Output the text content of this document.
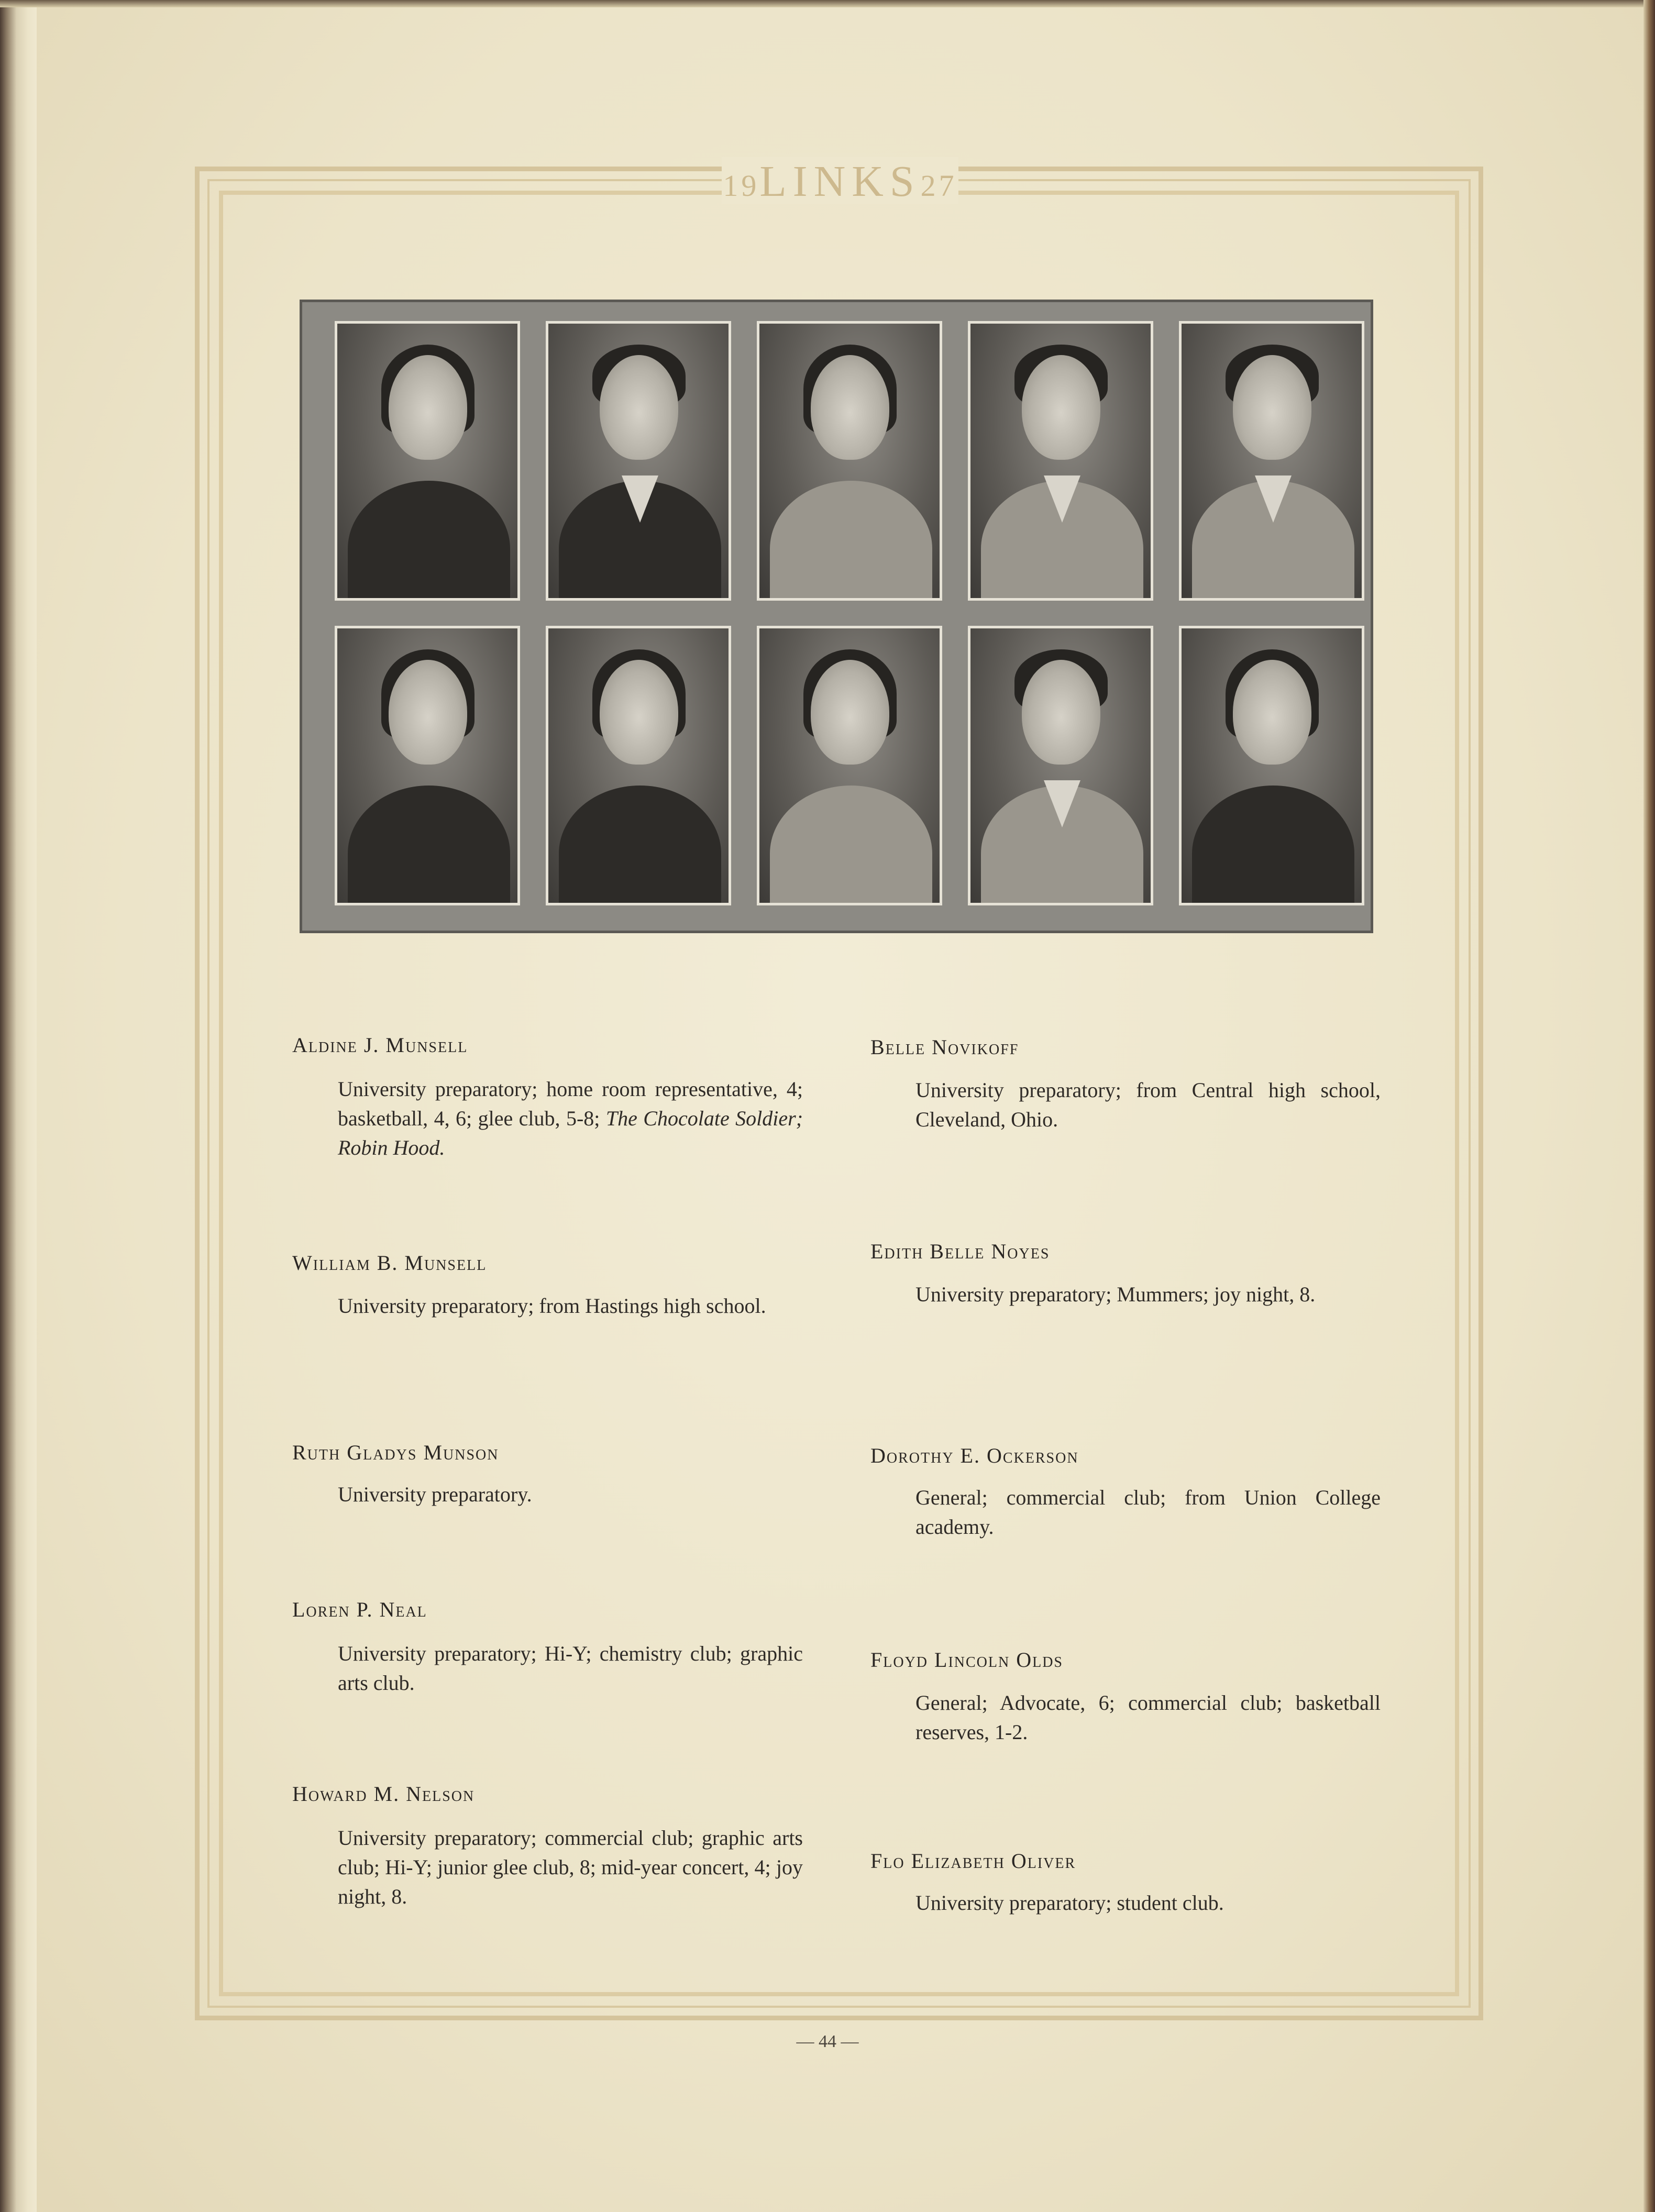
19 LINKS 27
Aldine J. Munsell
University preparatory; home room representative, 4; basketball, 4, 6; glee club, 5-8; The Chocolate Soldier; Robin Hood.
William B. Munsell
University preparatory; from Hastings high school.
Ruth Gladys Munson
University preparatory.
Loren P. Neal
University preparatory; Hi-Y; chemistry club; graphic arts club.
Howard M. Nelson
University preparatory; commercial club; graphic arts club; Hi-Y; junior glee club, 8; mid-year concert, 4; joy night, 8.
Belle Novikoff
University preparatory; from Central high school, Cleveland, Ohio.
Edith Belle Noyes
University preparatory; Mummers; joy night, 8.
Dorothy E. Ockerson
General; commercial club; from Union College academy.
Floyd Lincoln Olds
General; Advocate, 6; commercial club; basketball reserves, 1-2.
Flo Elizabeth Oliver
University preparatory; student club.
— 44 —
